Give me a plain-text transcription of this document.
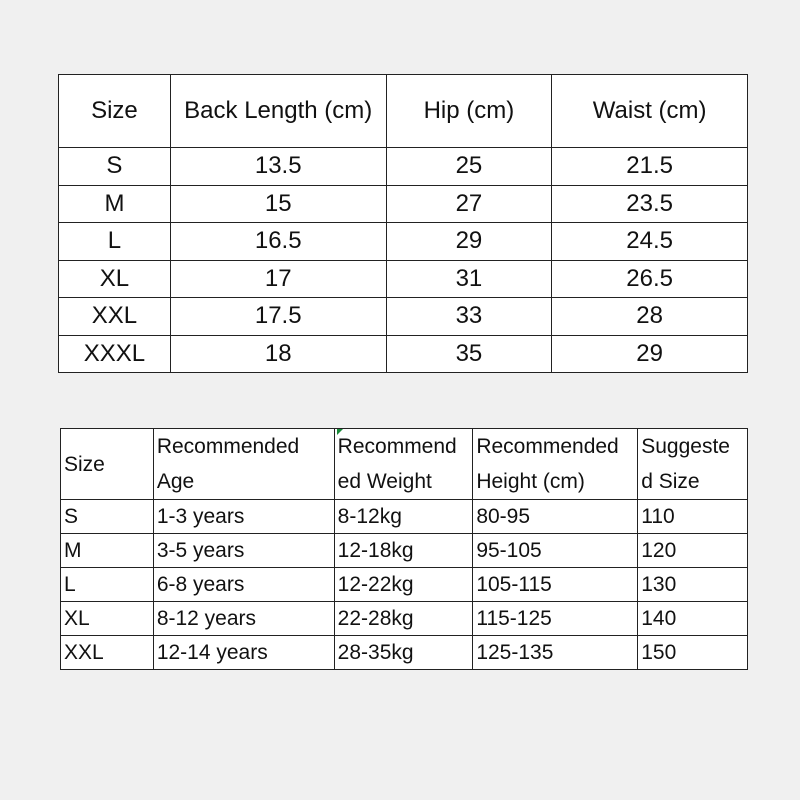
Size	Back Length (cm)	Hip (cm)	Waist (cm)
S	13.5	25	21.5
M	15	27	23.5
L	16.5	29	24.5
XL	17	31	26.5
XXL	17.5	33	28
XXXL	18	35	29
Size	Recommended Age	Recommend ed Weight	Recommended Height (cm)	Suggeste d Size
S	1-3 years	8-12kg	80-95	110
M	3-5 years	12-18kg	95-105	120
L	6-8 years	12-22kg	105-115	130
XL	8-12 years	22-28kg	115-125	140
XXL	12-14 years	28-35kg	125-135	150
